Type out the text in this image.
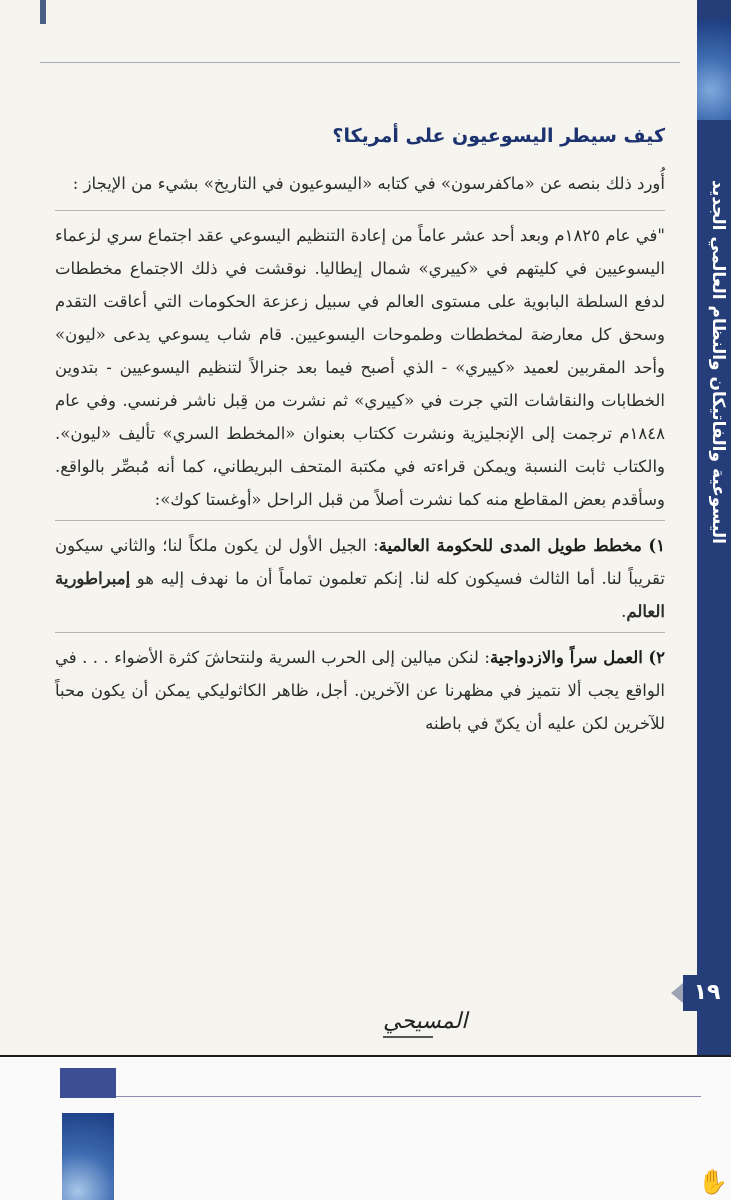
اليسوعية والفاتيكان والنظام العالمي الجديد
١٩
كيف سيطر اليسوعيون على أمريكا؟

أُورد ذلك بنصه عن «ماكفرسون» في كتابه «اليسوعيون في التاريخ» بشيء من الإيجاز :

"في عام ١٨٢٥م وبعد أحد عشر عاماً من إعادة التنظيم اليسوعي عقد اجتماع سري لزعماء اليسوعيين في كليتهم في «كييري» شمال إيطاليا. نوقشت في ذلك الاجتماع مخططات لدفع السلطة البابوية على مستوى العالم في سبيل زعزعة الحكومات التي أعاقت التقدم وسحق كل معارضة لمخططات وطموحات اليسوعيين. قام شاب يسوعي يدعى «ليون» وأحد المقربين لعميد «كييري» - الذي أصبح فيما بعد جنرالاً لتنظيم اليسوعيين - بتدوين الخطابات والنقاشات التي جرت في «كييري» ثم نشرت من قِبل ناشر فرنسي. وفي عام ١٨٤٨م ترجمت إلى الإنجليزية ونشرت ككتاب بعنوان «المخطط السري» تأليف «ليون». والكتاب ثابت النسبة ويمكن قراءته في مكتبة المتحف البريطاني، كما أنه مُبصِّر بالواقع. وسأقدم بعض المقاطع منه كما نشرت أصلاً من قبل الراحل «أوغستا كوك»:

١) مخطط طويل المدى للحكومة العالمية: الجيل الأول لن يكون ملكاً لنا؛ والثاني سيكون تقريباً لنا. أما الثالث فسيكون كله لنا. إنكم تعلمون تماماً أن ما نهدف إليه هو إمبراطورية العالم.

٢) العمل سراً والازدواجية: لنكن ميالين إلى الحرب السرية ولنتحاشَ كثرة الأضواء . . . في الواقع يجب ألا نتميز في مظهرنا عن الآخرين. أجل، ظاهر الكاثوليكي يمكن أن يكون محباً للآخرين لكن عليه أن يكنّ في باطنه

المسيحي
✋
